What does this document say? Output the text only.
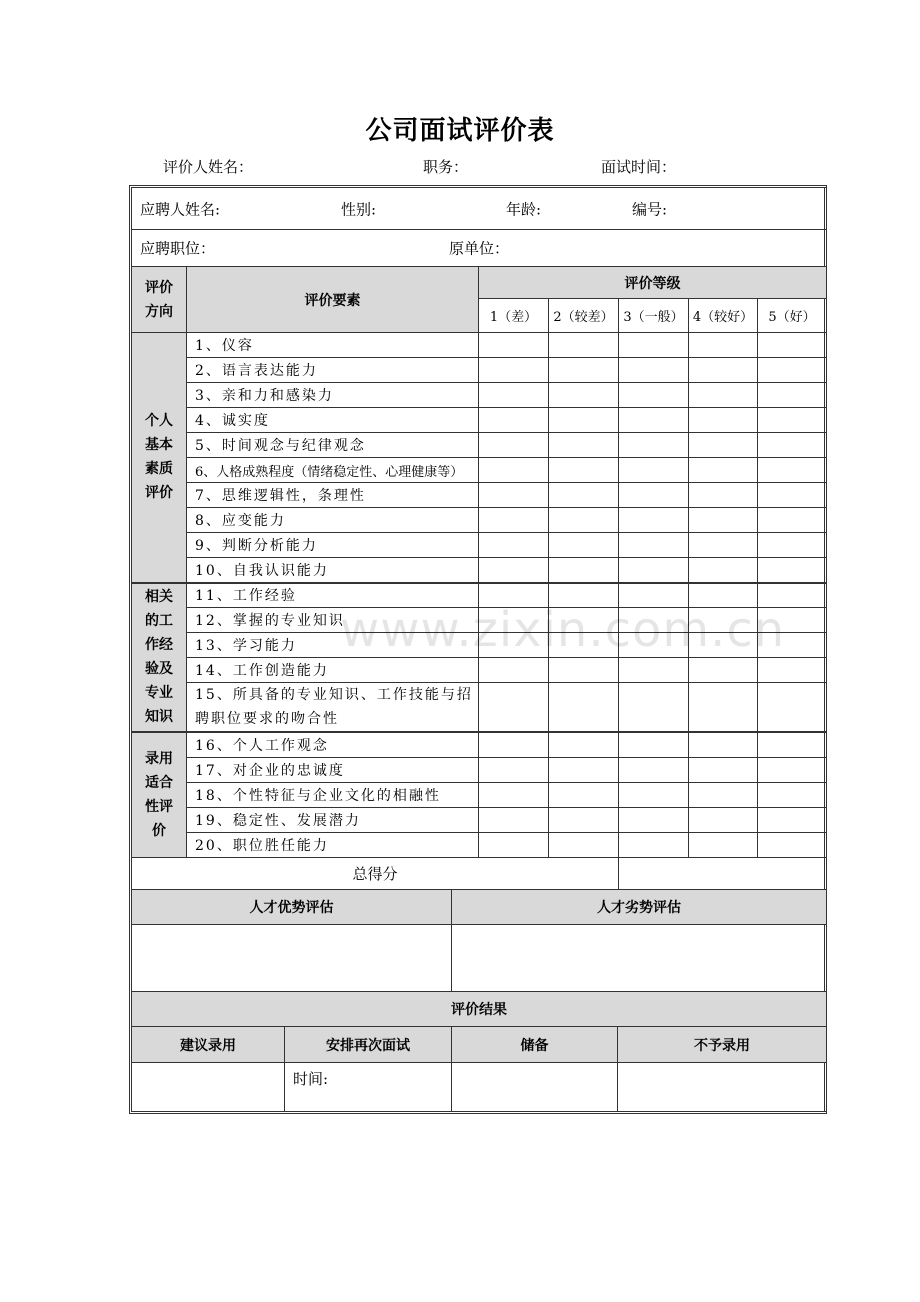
公司面试评价表
评价人姓名：	职务：	面试时间：
应聘人姓名:	性别:	年龄:	编号:

应聘职位：	原单位：
评价方向	评价要素	评价等级				
		1（差）	2（较差）	3（一般）	4（较好）	5（好）

个人基本素质评价	1、仪容					
	2、语言表达能力					
	3、亲和力和感染力					
	4、诚实度					
	5、时间观念与纪律观念					
	6、人格成熟程度（情绪稳定性、心理健康等）					
	7、思维逻辑性，条理性					
	8、应变能力					
	9、判断分析能力					
	10、自我认识能力					

相关的工作经验及专业知识	11、工作经验					
	12、掌握的专业知识					
	13、学习能力					
	14、工作创造能力					
	15、所具备的专业知识、工作技能与招聘职位要求的吻合性					

录用适合性评价	16、个人工作观念					
	17、对企业的忠诚度					
	18、个性特征与企业文化的相融性					
	19、稳定性、发展潜力					
	20、职位胜任能力					
总得分						
人才优势评估		人才劣势评估	

评价结果			
建议录用	安排再次面试	储备	不予录用
	时间:		
www.zixin.com.cn
